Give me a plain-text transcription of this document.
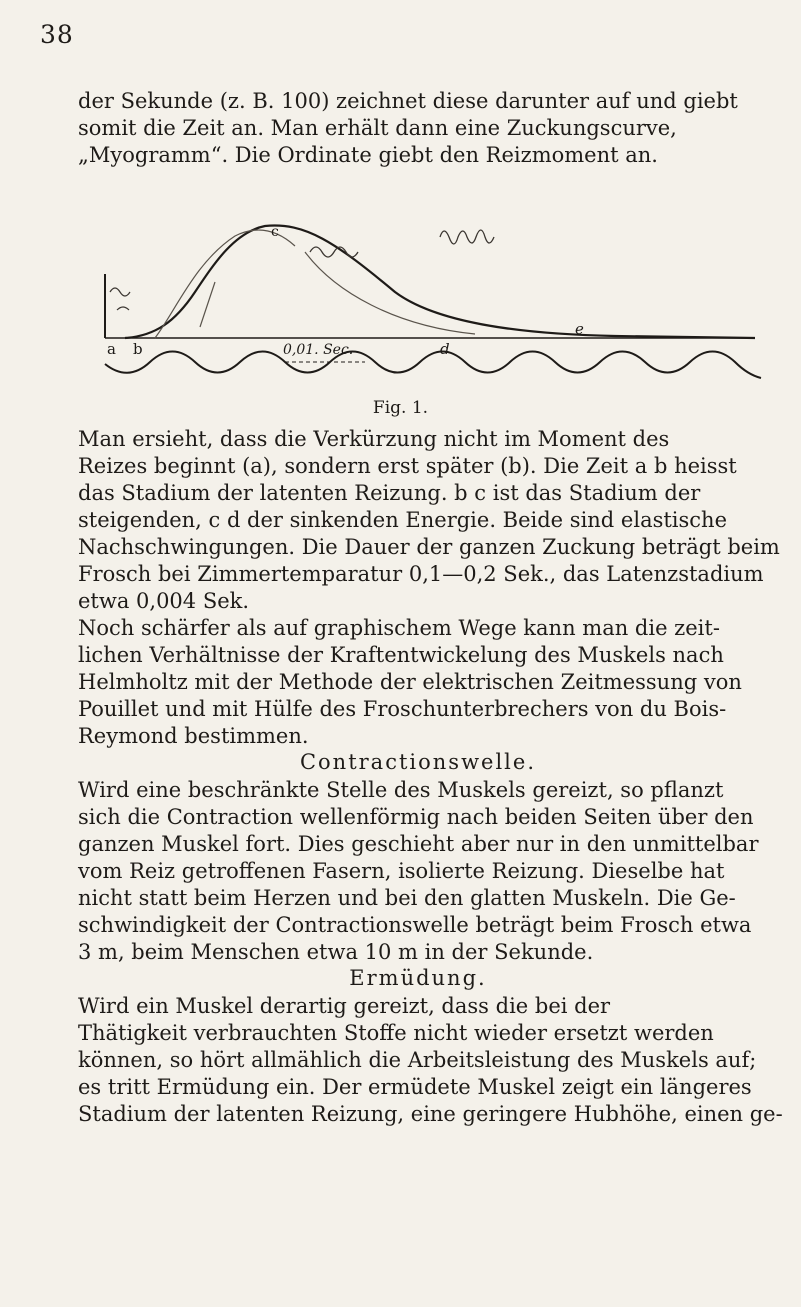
38

der Sekunde (z. B. 100) zeichnet diese darunter auf und giebt
somit die Zeit an. Man erhält dann eine Zuckungscurve,
„Myogramm“. Die Ordinate giebt den Reizmoment an.

a b
c
d
e
0,01. Sec.
Fig. 1.

Man ersieht, dass die Verkürzung nicht im Moment des
Reizes beginnt (a), sondern erst später (b). Die Zeit a b heisst
das Stadium der latenten Reizung. b c ist das Stadium der
steigenden, c d der sinkenden Energie. Beide sind elastische
Nachschwingungen. Die Dauer der ganzen Zuckung beträgt beim
Frosch bei Zimmertemparatur 0,1—0,2 Sek., das Latenzstadium
etwa 0,004 Sek.

Noch schärfer als auf graphischem Wege kann man die zeit-
lichen Verhältnisse der Kraftentwickelung des Muskels nach
Helmholtz mit der Methode der elektrischen Zeitmessung von
Pouillet und mit Hülfe des Froschunterbrechers von du Bois-
Reymond bestimmen.

Contractionswelle.

Wird eine beschränkte Stelle des Muskels gereizt, so pflanzt
sich die Contraction wellenförmig nach beiden Seiten über den
ganzen Muskel fort. Dies geschieht aber nur in den unmittelbar
vom Reiz getroffenen Fasern, isolierte Reizung. Dieselbe hat
nicht statt beim Herzen und bei den glatten Muskeln. Die Ge-
schwindigkeit der Contractionswelle beträgt beim Frosch etwa
3 m, beim Menschen etwa 10 m in der Sekunde.

Ermüdung.

Wird ein Muskel derartig gereizt, dass die bei der
Thätigkeit verbrauchten Stoffe nicht wieder ersetzt werden
können, so hört allmählich die Arbeitsleistung des Muskels auf;
es tritt Ermüdung ein. Der ermüdete Muskel zeigt ein längeres
Stadium der latenten Reizung, eine geringere Hubhöhe, einen ge-
